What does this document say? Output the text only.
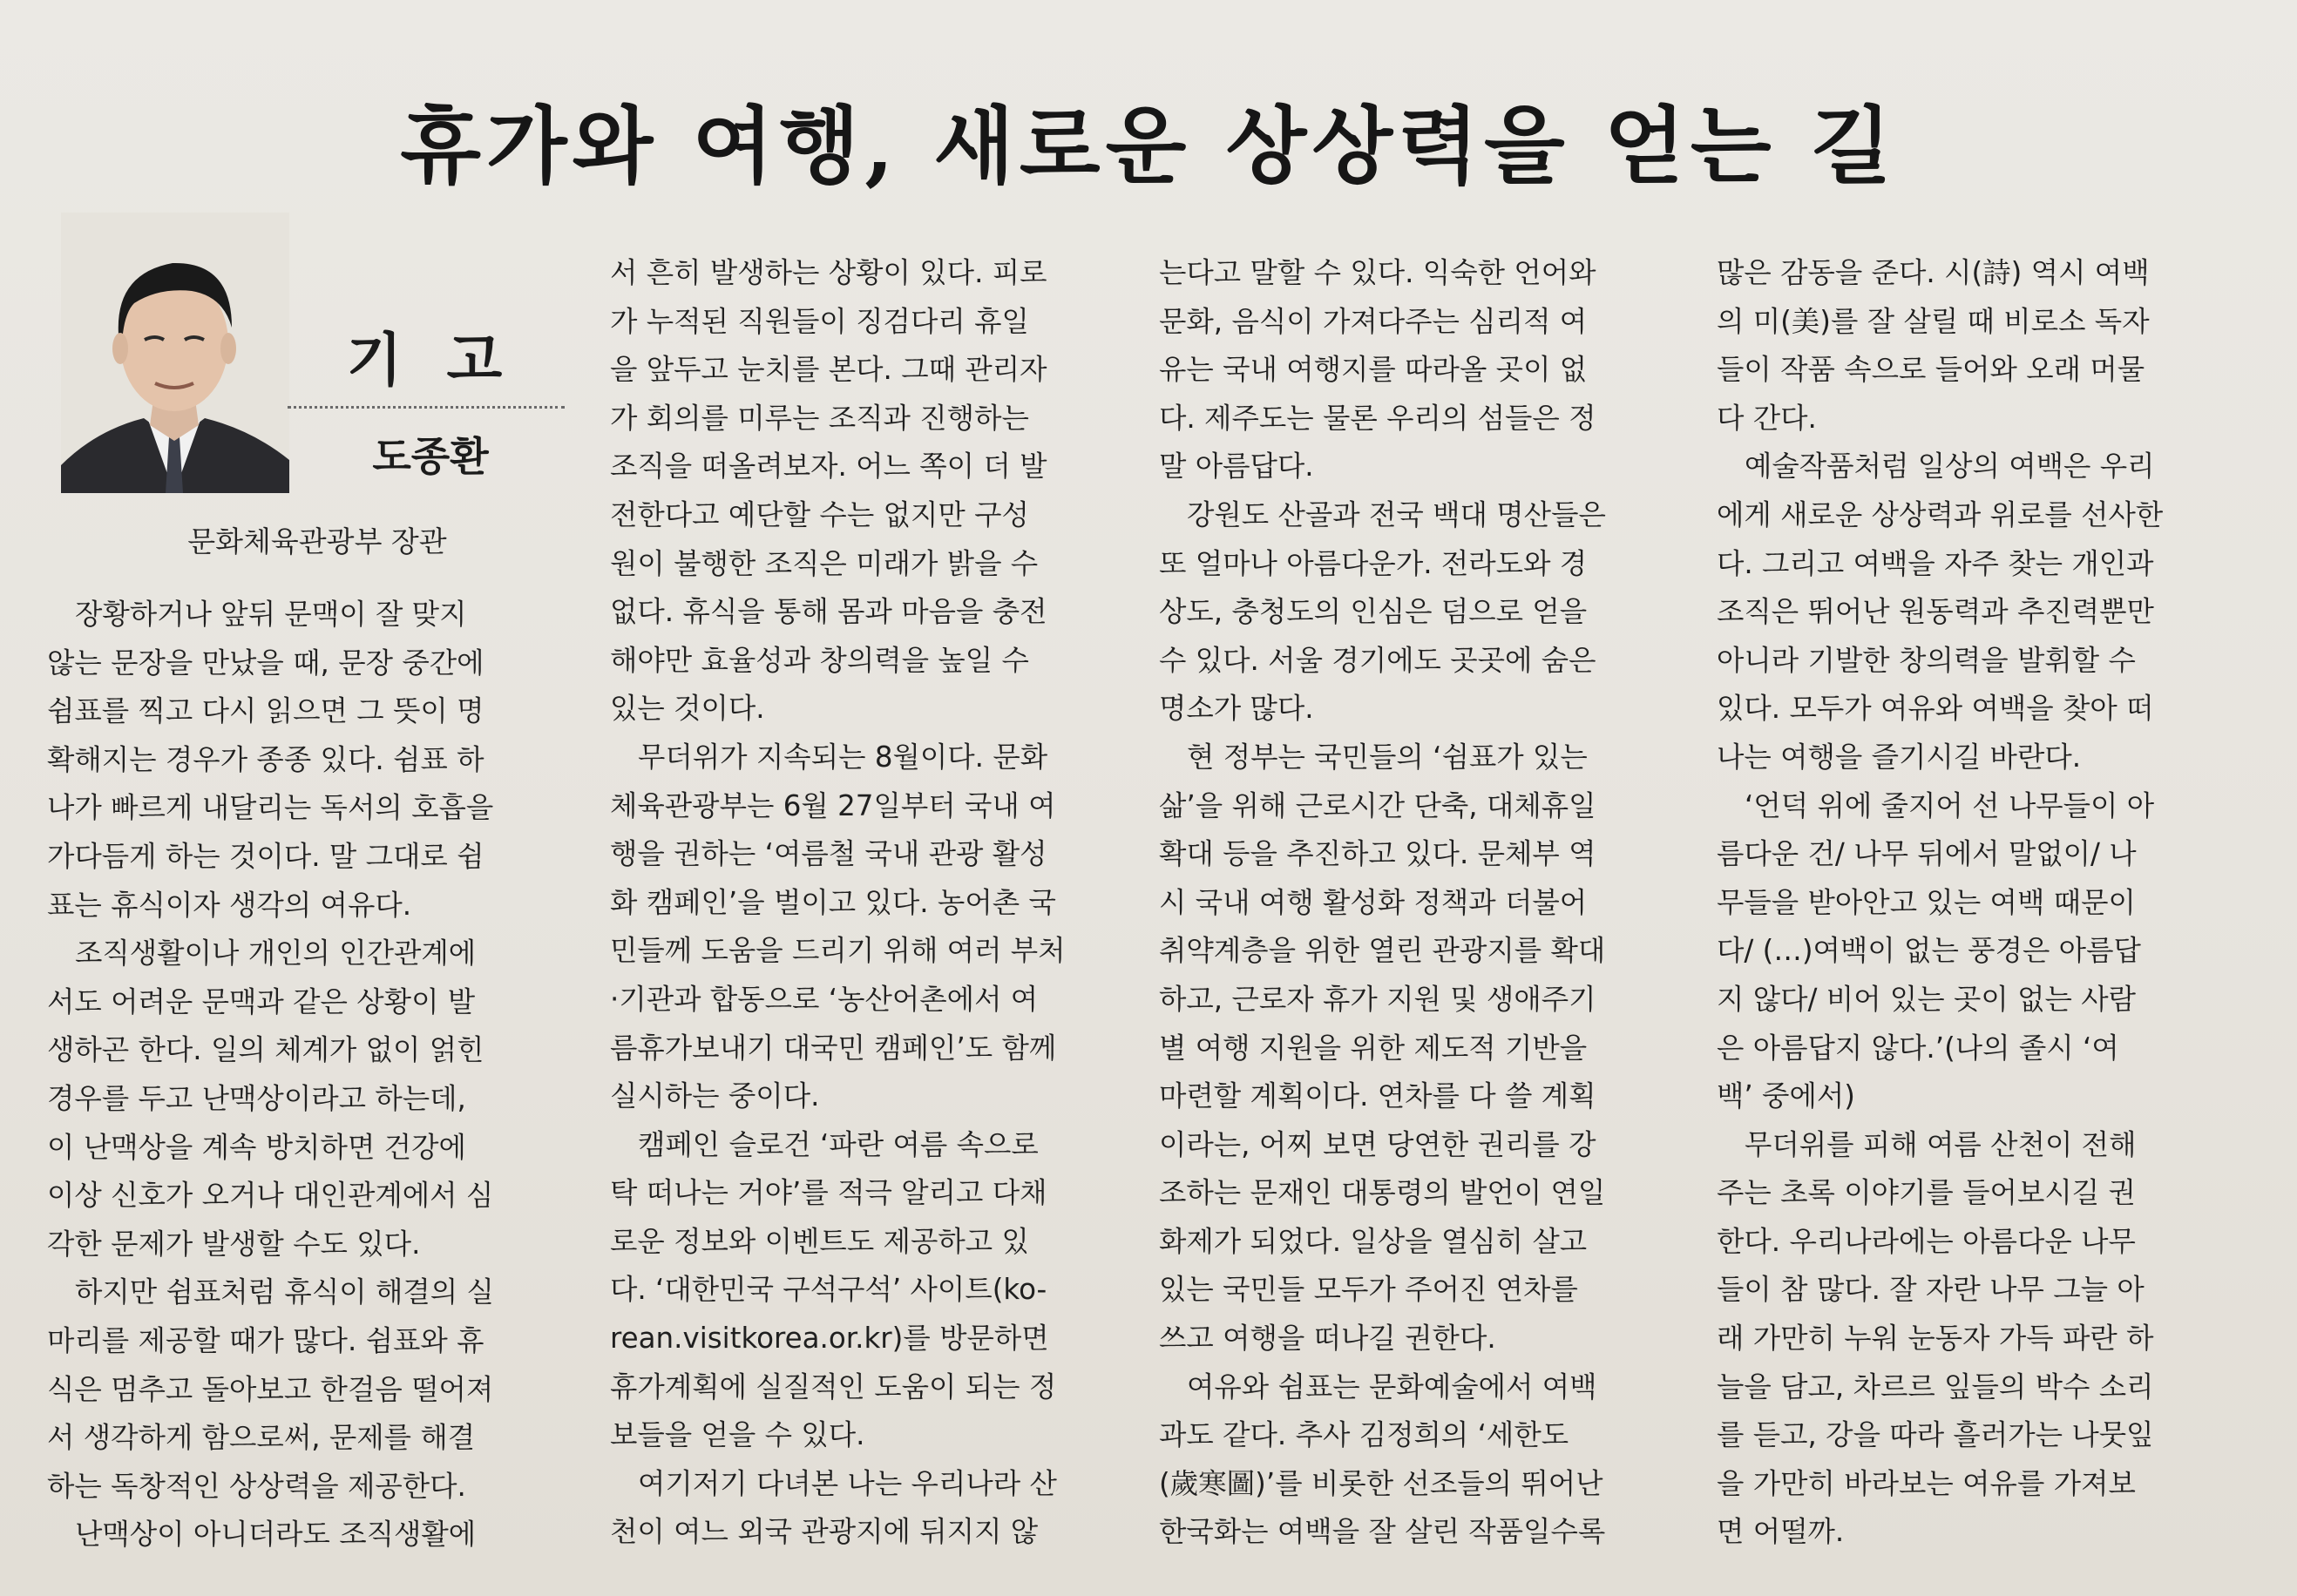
휴가와 여행, 새로운 상상력을 얻는 길
기 고
도종환
문화체육관광부 장관

장황하거나 앞뒤 문맥이 잘 맞지

않는 문장을 만났을 때, 문장 중간에

쉼표를 찍고 다시 읽으면 그 뜻이 명

확해지는 경우가 종종 있다. 쉼표 하

나가 빠르게 내달리는 독서의 호흡을

가다듬게 하는 것이다. 말 그대로 쉼

표는 휴식이자 생각의 여유다.

조직생활이나 개인의 인간관계에

서도 어려운 문맥과 같은 상황이 발

생하곤 한다. 일의 체계가 없이 얽힌

경우를 두고 난맥상이라고 하는데,

이 난맥상을 계속 방치하면 건강에

이상 신호가 오거나 대인관계에서 심

각한 문제가 발생할 수도 있다.

하지만 쉼표처럼 휴식이 해결의 실

마리를 제공할 때가 많다. 쉼표와 휴

식은 멈추고 돌아보고 한걸음 떨어져

서 생각하게 함으로써, 문제를 해결

하는 독창적인 상상력을 제공한다.

난맥상이 아니더라도 조직생활에

서 흔히 발생하는 상황이 있다. 피로

가 누적된 직원들이 징검다리 휴일

을 앞두고 눈치를 본다. 그때 관리자

가 회의를 미루는 조직과 진행하는

조직을 떠올려보자. 어느 쪽이 더 발

전한다고 예단할 수는 없지만 구성

원이 불행한 조직은 미래가 밝을 수

없다. 휴식을 통해 몸과 마음을 충전

해야만 효율성과 창의력을 높일 수

있는 것이다.

무더위가 지속되는 8월이다. 문화

체육관광부는 6월 27일부터 국내 여

행을 권하는 ‘여름철 국내 관광 활성

화 캠페인’을 벌이고 있다. 농어촌 국

민들께 도움을 드리기 위해 여러 부처

·기관과 합동으로 ‘농산어촌에서 여

름휴가보내기 대국민 캠페인’도 함께

실시하는 중이다.

캠페인 슬로건 ‘파란 여름 속으로

탁 떠나는 거야’를 적극 알리고 다채

로운 정보와 이벤트도 제공하고 있

다. ‘대한민국 구석구석’ 사이트(ko-

rean.visitkorea.or.kr)를 방문하면

휴가계획에 실질적인 도움이 되는 정

보들을 얻을 수 있다.

여기저기 다녀본 나는 우리나라 산

천이 여느 외국 관광지에 뒤지지 않

는다고 말할 수 있다. 익숙한 언어와

문화, 음식이 가져다주는 심리적 여

유는 국내 여행지를 따라올 곳이 없

다. 제주도는 물론 우리의 섬들은 정

말 아름답다.

강원도 산골과 전국 백대 명산들은

또 얼마나 아름다운가. 전라도와 경

상도, 충청도의 인심은 덤으로 얻을

수 있다. 서울 경기에도 곳곳에 숨은

명소가 많다.

현 정부는 국민들의 ‘쉼표가 있는

삶’을 위해 근로시간 단축, 대체휴일

확대 등을 추진하고 있다. 문체부 역

시 국내 여행 활성화 정책과 더불어

취약계층을 위한 열린 관광지를 확대

하고, 근로자 휴가 지원 및 생애주기

별 여행 지원을 위한 제도적 기반을

마련할 계획이다. 연차를 다 쓸 계획

이라는, 어찌 보면 당연한 권리를 강

조하는 문재인 대통령의 발언이 연일

화제가 되었다. 일상을 열심히 살고

있는 국민들 모두가 주어진 연차를

쓰고 여행을 떠나길 권한다.

여유와 쉼표는 문화예술에서 여백

과도 같다. 추사 김정희의 ‘세한도

(歲寒圖)’를 비롯한 선조들의 뛰어난

한국화는 여백을 잘 살린 작품일수록

많은 감동을 준다. 시(詩) 역시 여백

의 미(美)를 잘 살릴 때 비로소 독자

들이 작품 속으로 들어와 오래 머물

다 간다.

예술작품처럼 일상의 여백은 우리

에게 새로운 상상력과 위로를 선사한

다. 그리고 여백을 자주 찾는 개인과

조직은 뛰어난 원동력과 추진력뿐만

아니라 기발한 창의력을 발휘할 수

있다. 모두가 여유와 여백을 찾아 떠

나는 여행을 즐기시길 바란다.

‘언덕 위에 줄지어 선 나무들이 아

름다운 건/ 나무 뒤에서 말없이/ 나

무들을 받아안고 있는 여백 때문이

다/ (…)여백이 없는 풍경은 아름답

지 않다/ 비어 있는 곳이 없는 사람

은 아름답지 않다.’(나의 졸시 ‘여

백’ 중에서)

무더위를 피해 여름 산천이 전해

주는 초록 이야기를 들어보시길 권

한다. 우리나라에는 아름다운 나무

들이 참 많다. 잘 자란 나무 그늘 아

래 가만히 누워 눈동자 가득 파란 하

늘을 담고, 차르르 잎들의 박수 소리

를 듣고, 강을 따라 흘러가는 나뭇잎

을 가만히 바라보는 여유를 가져보

면 어떨까.
